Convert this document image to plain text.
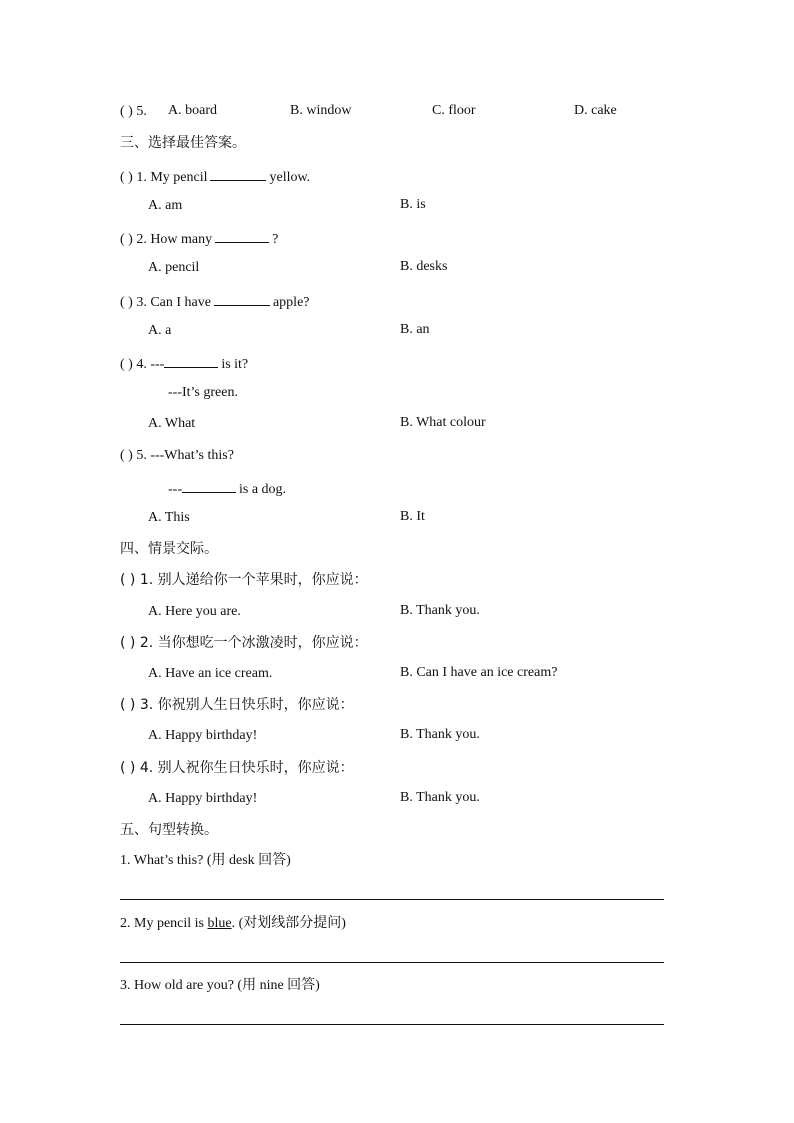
( ) 5. A. board	B. window	C. floor	D. cake
三、选择最佳答案。
( ) 1. My pencil	yellow.
A. am	B. is
( ) 2. How many	?
A. pencil	B. desks
( ) 3. Can I have	apple?
A. a	B. an
( ) 4. ---	is it?
---It’s green.
A. What	B. What colour
( ) 5. ---What’s this?
---	is a dog.
A. This	B. It
四、情景交际。
( ) 1. 别人递给你一个苹果时，你应说：
A. Here you are.	B. Thank you.
( ) 2. 当你想吃一个冰激凌时，你应说：
A. Have an ice cream.	B. Can I have an ice cream?
( ) 3. 你祝别人生日快乐时，你应说：
A. Happy birthday!	B. Thank you.
( ) 4. 别人祝你生日快乐时，你应说：
A. Happy birthday!	B. Thank you.
五、句型转换。
1. What’s this? (用 desk 回答)
2. My pencil is blue. (对划线部分提问)
3. How old are you? (用 nine 回答)
